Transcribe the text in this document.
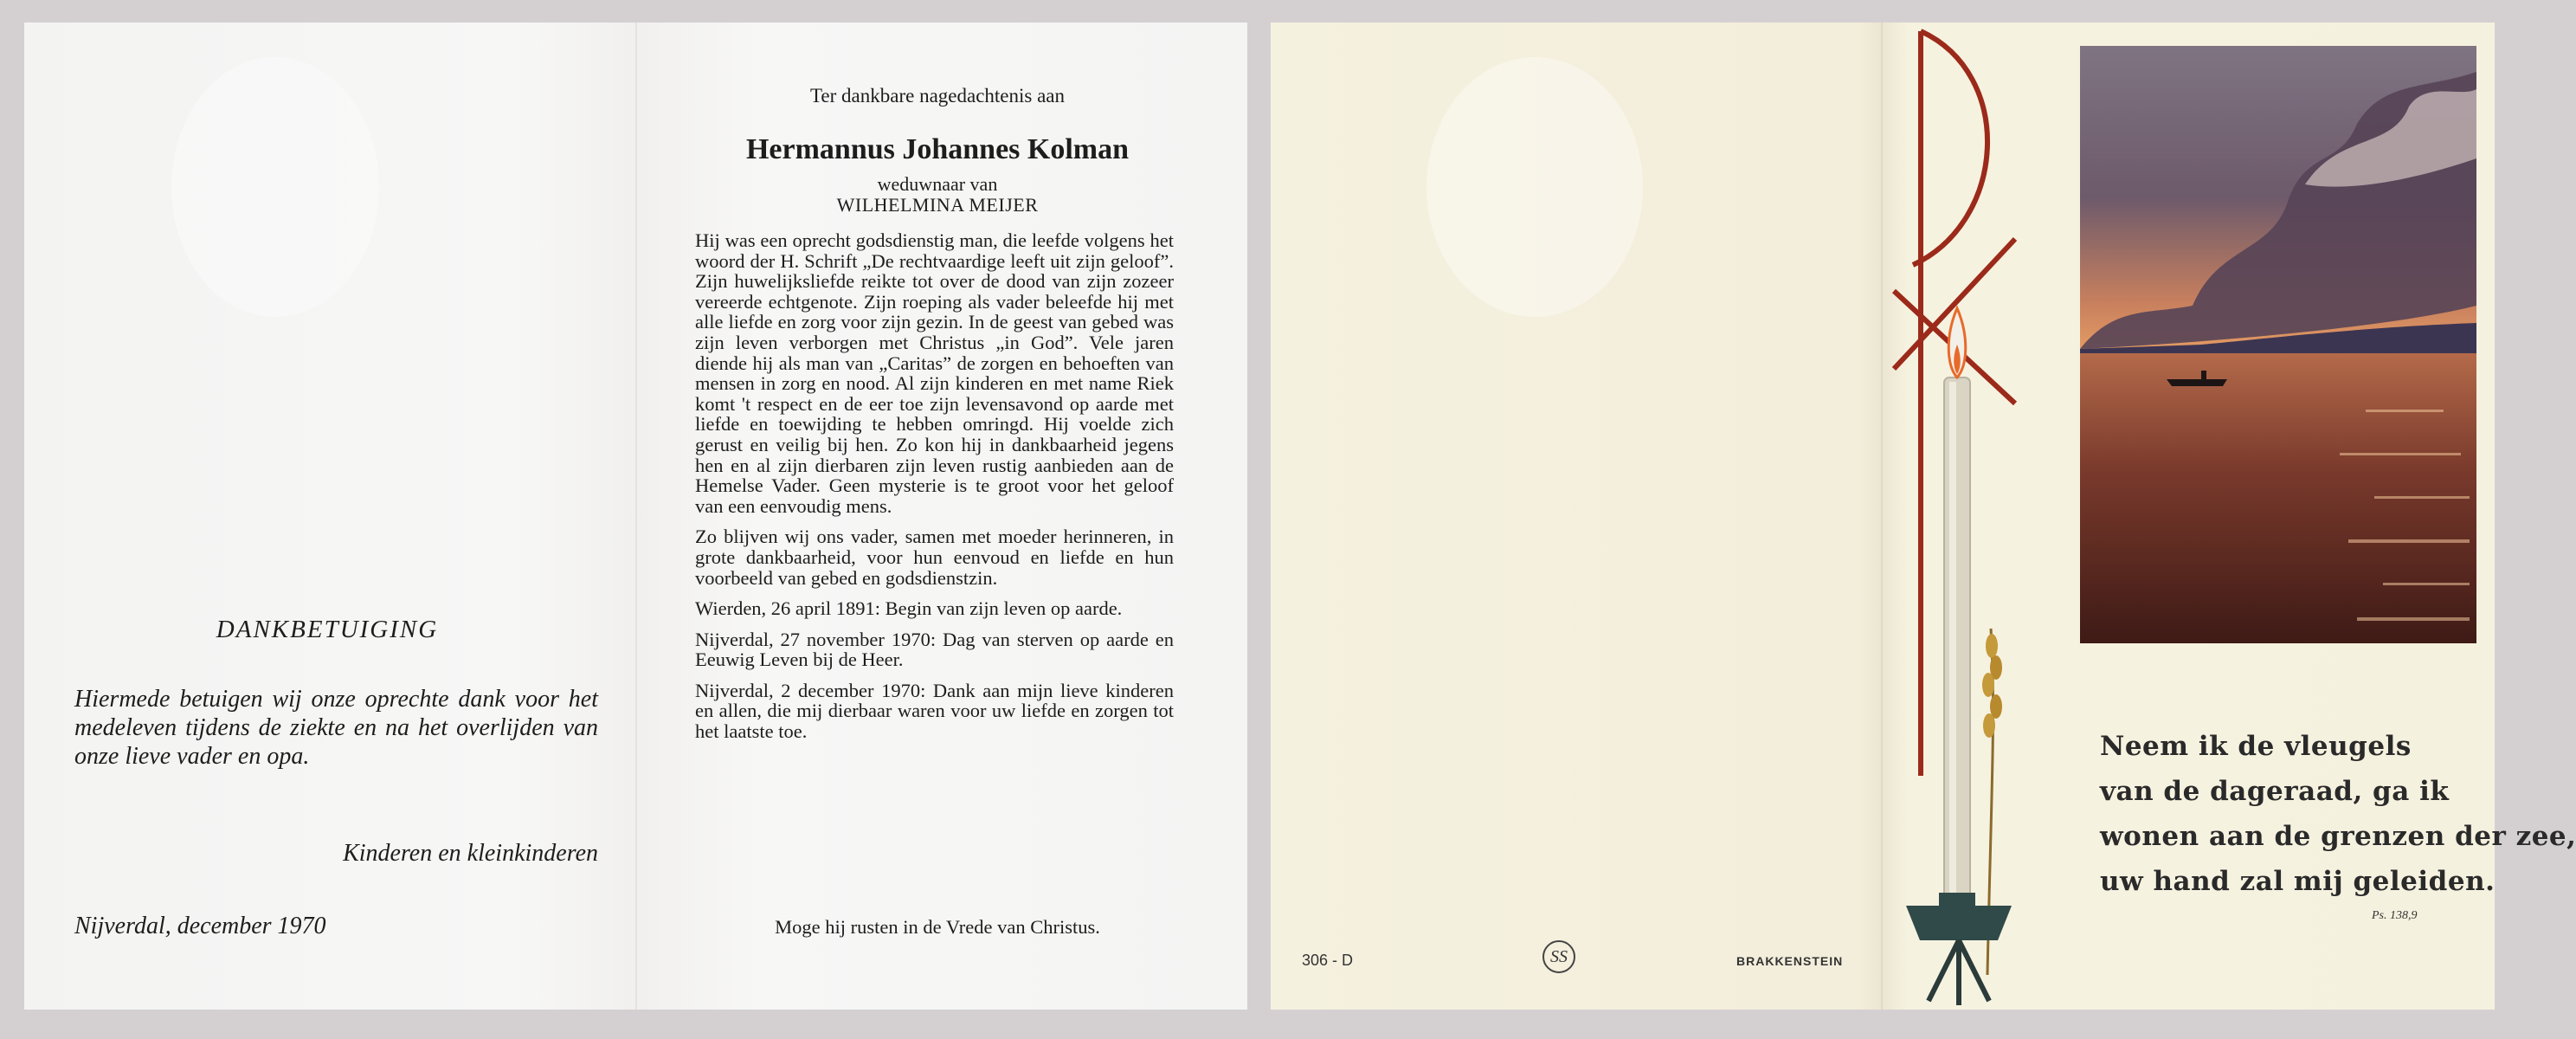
DANKBETUIGING
Hiermede betuigen wij onze oprechte dank voor het medeleven tijdens de ziekte en na het overlijden van onze lieve vader en opa.
Kinderen en kleinkinderen
Nijverdal, december 1970
Ter dankbare nagedachtenis aan
Hermannus Johannes Kolman
weduwnaar van
WILHELMINA MEIJER

Hij was een oprecht godsdienstig man, die leefde volgens het woord der H. Schrift „De rechtvaardige leeft uit zijn geloof”. Zijn huwelijksliefde reikte tot over de dood van zijn zozeer vereerde echtgenote. Zijn roeping als vader beleefde hij met alle liefde en zorg voor zijn gezin. In de geest van gebed was zijn leven verborgen met Christus „in God”. Vele jaren diende hij als man van „Caritas” de zorgen en behoeften van mensen in zorg en nood. Al zijn kinderen en met name Riek komt 't respect en de eer toe zijn levensavond op aarde met liefde en toewijding te hebben omringd. Hij voelde zich gerust en veilig bij hen. Zo kon hij in dankbaarheid jegens hen en al zijn dierbaren zijn leven rustig aanbieden aan de Hemelse Vader. Geen mysterie is te groot voor het geloof van een eenvoudig mens.

Zo blijven wij ons vader, samen met moeder herinneren, in grote dankbaarheid, voor hun eenvoud en liefde en hun voorbeeld van gebed en godsdienstzin.

Wierden, 26 april 1891: Begin van zijn leven op aarde.

Nijverdal, 27 november 1970: Dag van sterven op aarde en Eeuwig Leven bij de Heer.

Nijverdal, 2 december 1970: Dank aan mijn lieve kinderen en allen, die mij dierbaar waren voor uw liefde en zorgen tot het laatste toe.

Moge hij rusten in de Vrede van Christus.
306 - D	SS	BRAKKENSTEIN
Neem ik de vleugels
van de dageraad, ga ik
wonen aan de grenzen der zee,
uw hand zal mij geleiden.
Ps. 138,9
